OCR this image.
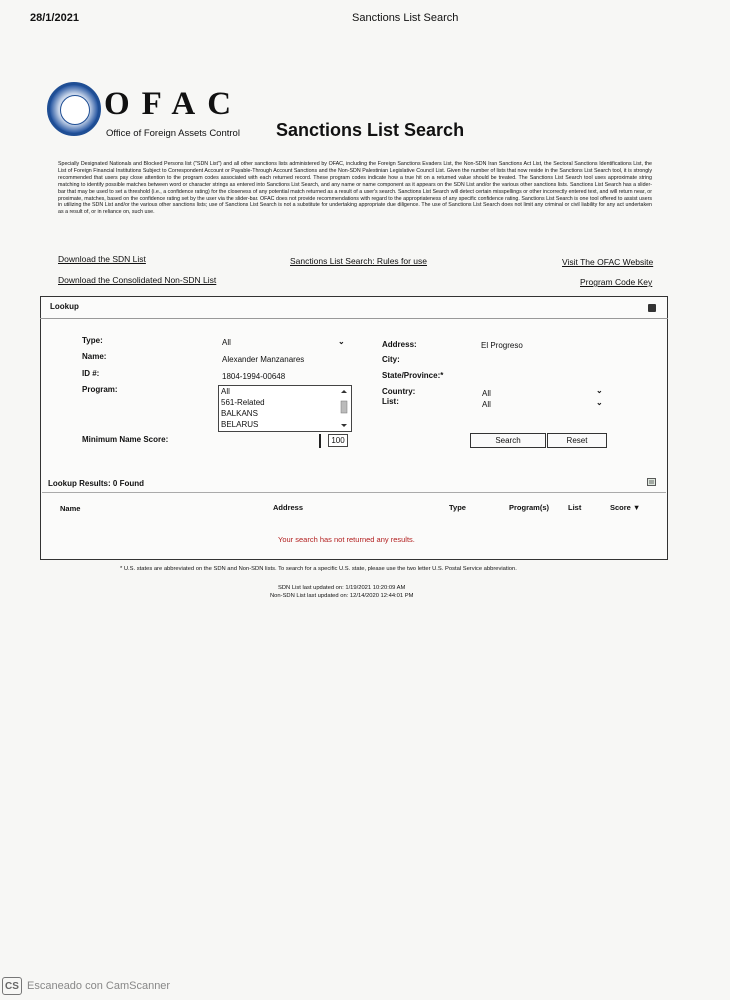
28/1/2021	Sanctions List Search
OFAC
Office of Foreign Assets Control Sanctions List Search
Specially Designated Nationals and Blocked Persons list ("SDN List") and all other sanctions lists administered by OFAC, including the Foreign Sanctions Evaders List, the Non-SDN Iran Sanctions Act List, the Sectoral Sanctions Identifications List, the List of Foreign Financial Institutions Subject to Correspondent Account or Payable-Through Account Sanctions and the Non-SDN Palestinian Legislative Council List. Given the number of lists that now reside in the Sanctions List Search tool, it is strongly recommended that users pay close attention to the program codes associated with each returned record. These program codes indicate how a true hit on a returned value should be treated. The Sanctions List Search tool uses approximate string matching to identify possible matches between word or character strings as entered into Sanctions List Search, and any name or name component as it appears on the SDN List and/or the various other sanctions lists. Sanctions List Search has a slider-bar that may be used to set a threshold (i.e., a confidence rating) for the closeness of any potential match returned as a result of a user's search. Sanctions List Search will detect certain misspellings or other incorrectly entered text, and will return near, or proximate, matches, based on the confidence rating set by the user via the slider-bar. OFAC does not provide recommendations with regard to the appropriateness of any specific confidence rating. Sanctions List Search is one tool offered to assist users in utilizing the SDN List and/or the various other sanctions lists; use of Sanctions List Search is not a substitute for undertaking appropriate due diligence. The use of Sanctions List Search does not limit any criminal or civil liability for any act undertaken as a result of, or in reliance on, such use.
Download the SDN List	Sanctions List Search: Rules for use	Visit The OFAC Website
Download the Consolidated Non-SDN List	Program Code Key
Lookup
Type:	All	⌄
Name:	Alexander Manzanares
ID #:	1804-1994-00648
Program:	All
561-Related
BALKANS
BELARUS
Minimum Name Score:	100
Address:	El Progreso
City:
State/Province:*
Country:	All	⌄
List:	All	⌄
Search	Reset
Lookup Results: 0 Found
Name	Address	Type	Program(s)	List	Score ▼
Your search has not returned any results.
* U.S. states are abbreviated on the SDN and Non-SDN lists. To search for a specific U.S. state, please use the two letter U.S. Postal Service abbreviation.
SDN List last updated on: 1/19/2021 10:20:09 AM
Non-SDN List last updated on: 12/14/2020 12:44:01 PM
CS Escaneado con CamScanner
